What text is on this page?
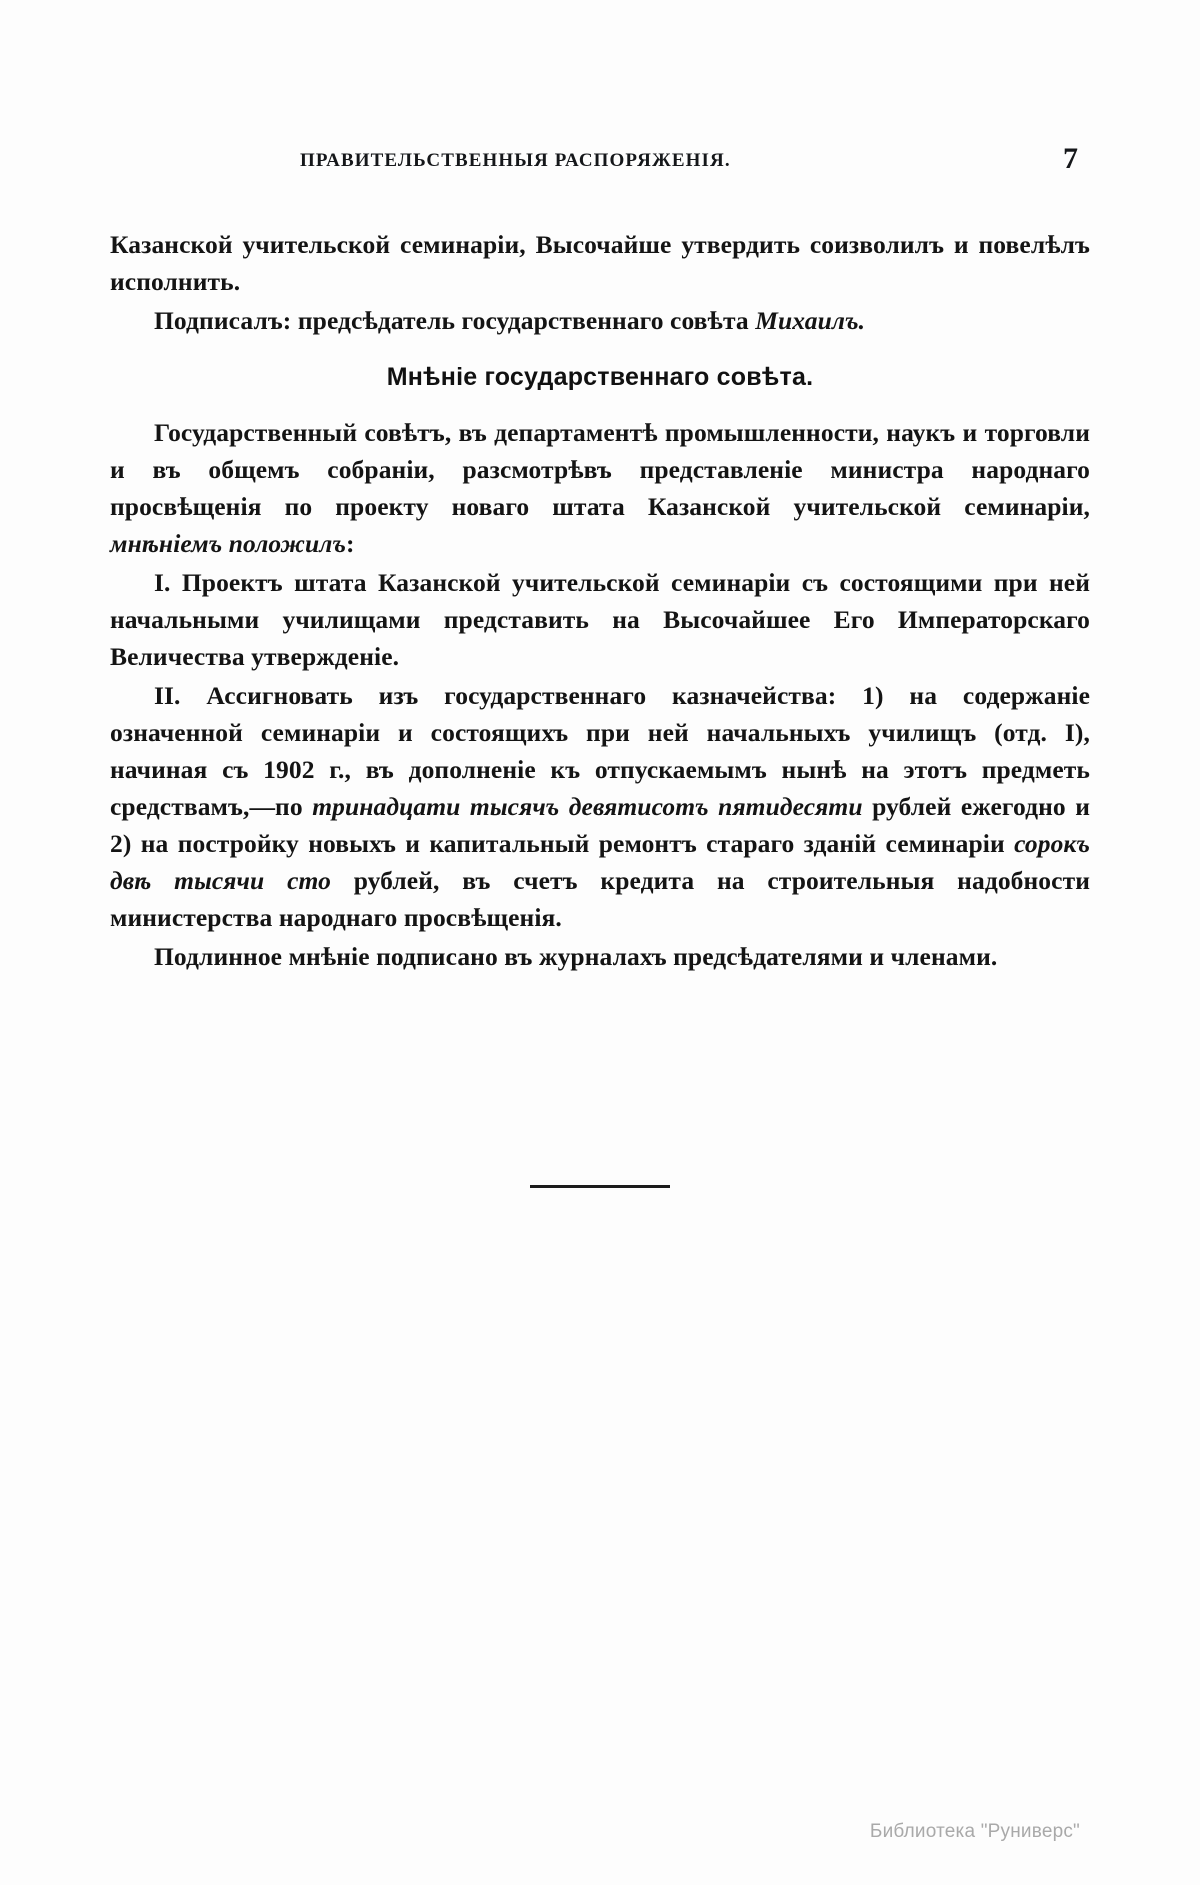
ПРАВИТЕЛЬСТВЕННЫЯ РАСПОРЯЖЕНIЯ.	7

Казанской учительской семинаріи, Высочайше утвердить соизволилъ и повелѣлъ исполнить.

Подписалъ: предсѣдатель государственнаго совѣта Михаилъ.

Мнѣніе государственнаго совѣта.

Государственный совѣтъ, въ департаментѣ промышленности, наукъ и торговли и въ общемъ собраніи, разсмотрѣвъ представленіе министра народнаго просвѣщенія по проекту новаго штата Казанской учительской семинаріи, мнѣніемъ положилъ:

I. Проектъ штата Казанской учительской семинаріи съ состоящими при ней начальными училищами представить на Высочайшее Его Императорскаго Величества утвержденіе.

II. Ассигновать изъ государственнаго казначейства: 1) на содержаніе означенной семинаріи и состоящихъ при ней начальныхъ училищъ (отд. I), начиная съ 1902 г., въ дополненіе къ отпускаемымъ нынѣ на этотъ предметь средствамъ,—по тринадцати тысячъ девятисотъ пятидесяти рублей ежегодно и 2) на постройку новыхъ и капитальный ремонтъ стараго зданій семинаріи сорокъ двѣ тысячи сто рублей, въ счетъ кредита на строительныя надобности министерства народнаго просвѣщенія.

Подлинное мнѣніе подписано въ журналахъ предсѣдателями и членами.

Библиотека "Руниверс"
